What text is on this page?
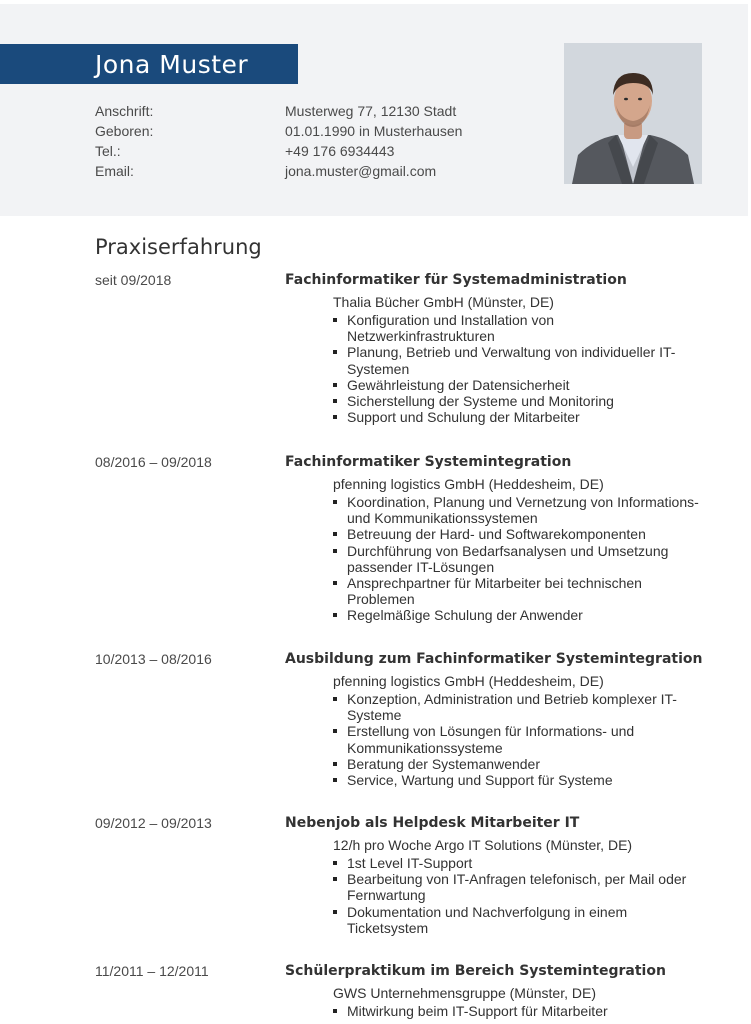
Jona Muster
Anschrift:	Musterweg 77, 12130 Stadt
Geboren:	01.01.1990 in Musterhausen
Tel.:	+49 176 6934443
Email:	jona.muster@gmail.com
Praxiserfahrung
seit 09/2018	Fachinformatiker für Systemadministration
Thalia Bücher GmbH (Münster, DE)
Konfiguration und Installation von Netzwerkinfrastrukturen
Planung, Betrieb und Verwaltung von individueller IT-Systemen
Gewährleistung der Datensicherheit
Sicherstellung der Systeme und Monitoring
Support und Schulung der Mitarbeiter
08/2016 – 09/2018	Fachinformatiker Systemintegration
pfenning logistics GmbH (Heddesheim, DE)
Koordination, Planung und Vernetzung von Informations- und Kommunikationssystemen
Betreuung der Hard- und Softwarekomponenten
Durchführung von Bedarfsanalysen und Umsetzung passender IT-Lösungen
Ansprechpartner für Mitarbeiter bei technischen Problemen
Regelmäßige Schulung der Anwender
10/2013 – 08/2016	Ausbildung zum Fachinformatiker Systemintegration
pfenning logistics GmbH (Heddesheim, DE)
Konzeption, Administration und Betrieb komplexer IT-Systeme
Erstellung von Lösungen für Informations- und Kommunikationssysteme
Beratung der Systemanwender
Service, Wartung und Support für Systeme
09/2012 – 09/2013	Nebenjob als Helpdesk Mitarbeiter IT
12/h pro Woche Argo IT Solutions (Münster, DE)
1st Level IT-Support
Bearbeitung von IT-Anfragen telefonisch, per Mail oder Fernwartung
Dokumentation und Nachverfolgung in einem Ticketsystem
11/2011 – 12/2011	Schülerpraktikum im Bereich Systemintegration
GWS Unternehmensgruppe (Münster, DE)
Mitwirkung beim IT-Support für Mitarbeiter
